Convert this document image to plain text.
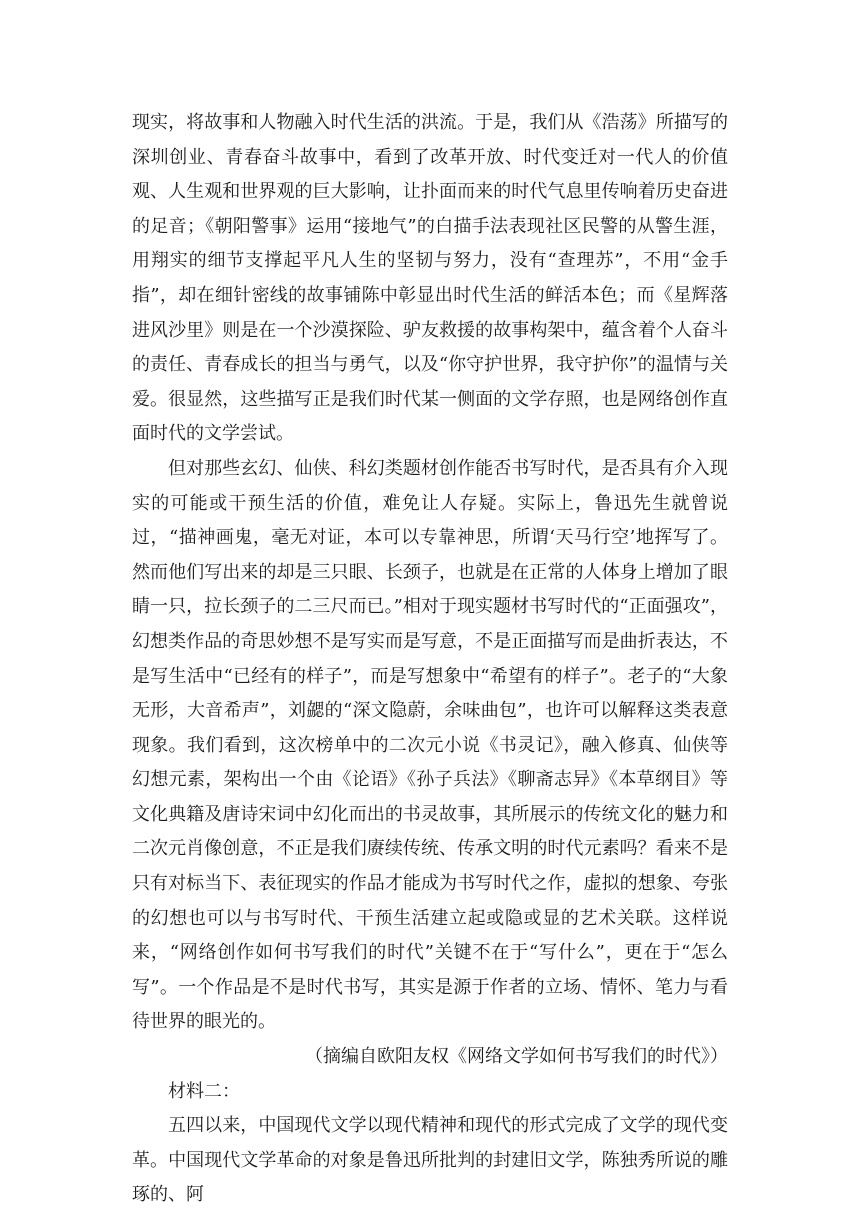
现实，将故事和人物融入时代生活的洪流。于是，我们从《浩荡》所描写的深圳创业、青春奋斗故事中，看到了改革开放、时代变迁对一代人的价值观、人生观和世界观的巨大影响，让扑面而来的时代气息里传响着历史奋进的足音；《朝阳警事》运用“接地气”的白描手法表现社区民警的从警生涯，用翔实的细节支撑起平凡人生的坚韧与努力，没有“查理苏”，不用“金手指”，却在细针密线的故事铺陈中彰显出时代生活的鲜活本色；而《星辉落进风沙里》则是在一个沙漠探险、驴友救援的故事构架中，蕴含着个人奋斗的责任、青春成长的担当与勇气，以及“你守护世界，我守护你”的温情与关爱。很显然，这些描写正是我们时代某一侧面的文学存照，也是网络创作直面时代的文学尝试。

但对那些玄幻、仙侠、科幻类题材创作能否书写时代，是否具有介入现实的可能或干预生活的价值，难免让人存疑。实际上，鲁迅先生就曾说过，“描神画鬼，毫无对证，本可以专靠神思，所谓‘天马行空’地挥写了。然而他们写出来的却是三只眼、长颈子，也就是在正常的人体身上增加了眼睛一只，拉长颈子的二三尺而已。”相对于现实题材书写时代的“正面强攻”，幻想类作品的奇思妙想不是写实而是写意，不是正面描写而是曲折表达，不是写生活中“已经有的样子”，而是写想象中“希望有的样子”。老子的“大象无形，大音希声”，刘勰的“深文隐蔚，余味曲包”，也许可以解释这类表意现象。我们看到，这次榜单中的二次元小说《书灵记》，融入修真、仙侠等幻想元素，架构出一个由《论语》《孙子兵法》《聊斋志异》《本草纲目》等文化典籍及唐诗宋词中幻化而出的书灵故事，其所展示的传统文化的魅力和二次元肖像创意，不正是我们赓续传统、传承文明的时代元素吗？看来不是只有对标当下、表征现实的作品才能成为书写时代之作，虚拟的想象、夸张的幻想也可以与书写时代、干预生活建立起或隐或显的艺术关联。这样说来，“网络创作如何书写我们的时代”关键不在于“写什么”，更在于“怎么写”。一个作品是不是时代书写，其实是源于作者的立场、情怀、笔力与看待世界的眼光的。

（摘编自欧阳友权《网络文学如何书写我们的时代》）

材料二：

五四以来，中国现代文学以现代精神和现代的形式完成了文学的现代变革。中国现代文学革命的对象是鲁迅所批判的封建旧文学，陈独秀所说的雕琢的、阿
